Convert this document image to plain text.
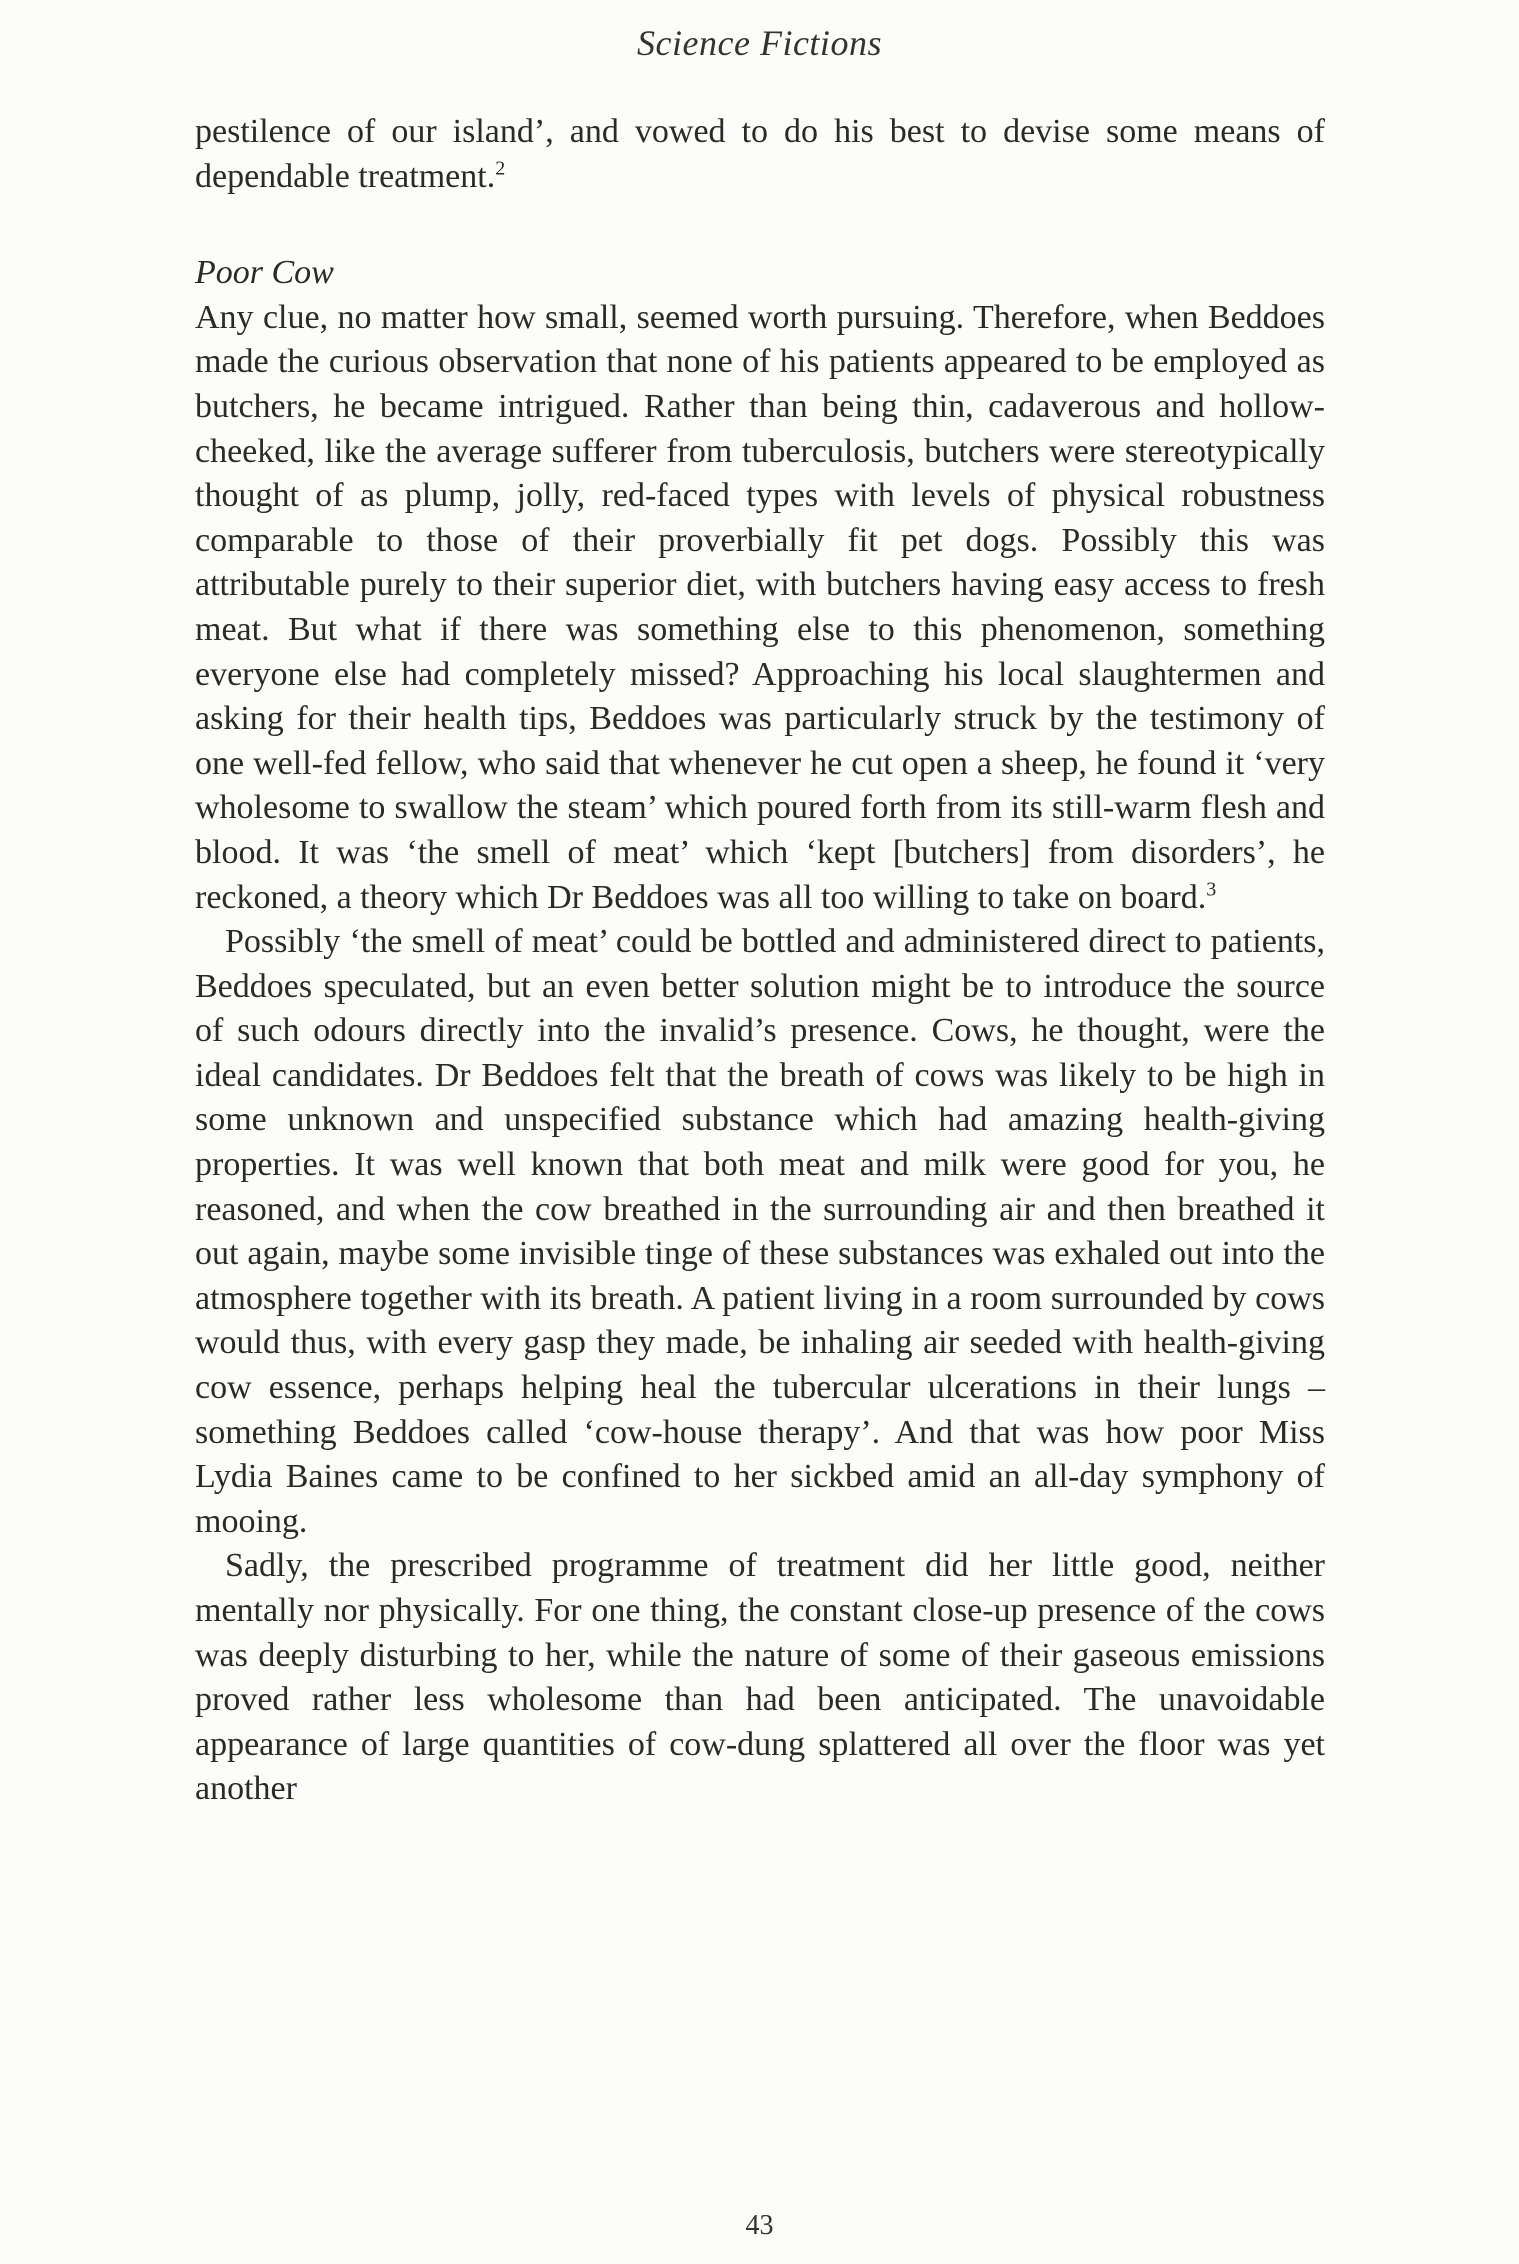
Science Fictions

pestilence of our island’, and vowed to do his best to devise some means of dependable treatment.$^2$

Poor Cow

Any clue, no matter how small, seemed worth pursuing. Therefore, when Beddoes made the curious observation that none of his patients appeared to be employed as butchers, he became intrigued. Rather than being thin, cadaverous and hollow-cheeked, like the average sufferer from tuberculosis, butchers were stereotypically thought of as plump, jolly, red-faced types with levels of physical robustness comparable to those of their proverbially fit pet dogs. Possibly this was attributable purely to their superior diet, with butchers having easy access to fresh meat. But what if there was something else to this phenomenon, something everyone else had completely missed? Approaching his local slaughtermen and asking for their health tips, Beddoes was particularly struck by the testimony of one well-fed fellow, who said that whenever he cut open a sheep, he found it ‘very wholesome to swallow the steam’ which poured forth from its still-warm flesh and blood. It was ‘the smell of meat’ which ‘kept [butchers] from disorders’, he reckoned, a theory which Dr Beddoes was all too willing to take on board.$^3$

Possibly ‘the smell of meat’ could be bottled and administered direct to patients, Beddoes speculated, but an even better solution might be to introduce the source of such odours directly into the invalid’s presence. Cows, he thought, were the ideal candidates. Dr Beddoes felt that the breath of cows was likely to be high in some unknown and unspecified substance which had amazing health-giving properties. It was well known that both meat and milk were good for you, he reasoned, and when the cow breathed in the surrounding air and then breathed it out again, maybe some invisible tinge of these substances was exhaled out into the atmosphere together with its breath. A patient living in a room surrounded by cows would thus, with every gasp they made, be inhaling air seeded with health-giving cow essence, perhaps helping heal the tubercular ulcerations in their lungs – something Beddoes called ‘cow-house therapy’. And that was how poor Miss Lydia Baines came to be confined to her sickbed amid an all-day symphony of mooing.

Sadly, the prescribed programme of treatment did her little good, neither mentally nor physically. For one thing, the constant close-up presence of the cows was deeply disturbing to her, while the nature of some of their gaseous emissions proved rather less wholesome than had been anticipated. The unavoidable appearance of large quantities of cow-dung splattered all over the floor was yet another

43
